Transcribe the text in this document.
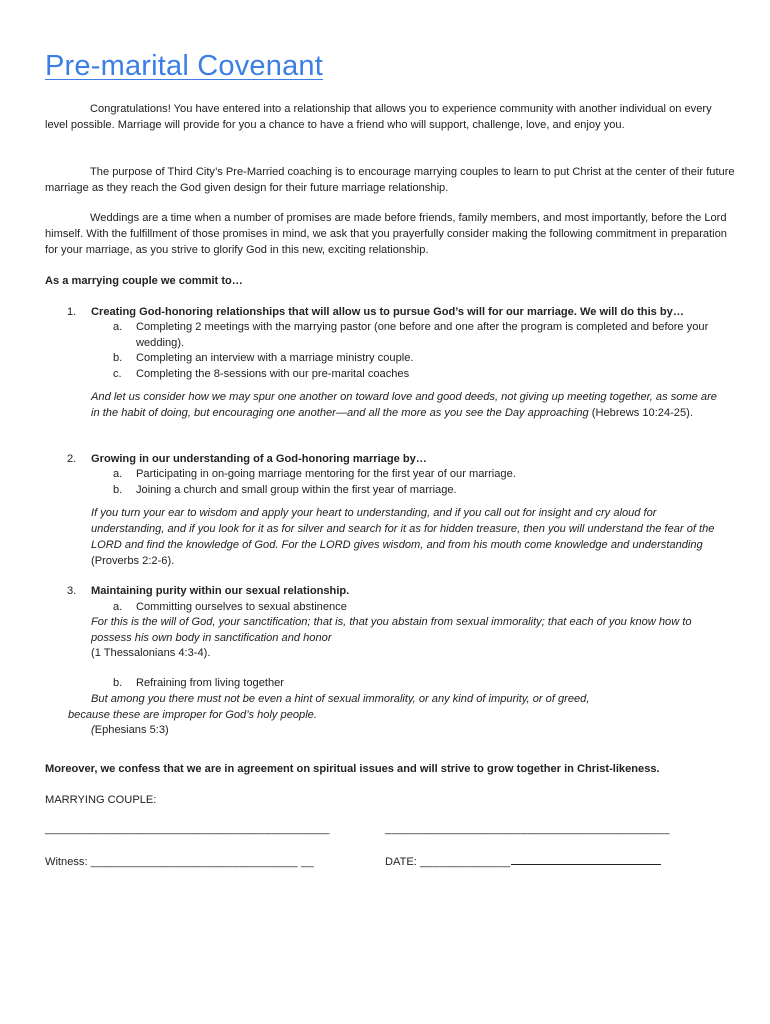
Pre-marital Covenant
Congratulations! You have entered into a relationship that allows you to experience community with another individual on every level possible. Marriage will provide for you a chance to have a friend who will support, challenge, love, and enjoy you.
The purpose of Third City’s Pre-Married coaching is to encourage marrying couples to learn to put Christ at the center of their future marriage as they reach the God given design for their future marriage relationship.
Weddings are a time when a number of promises are made before friends, family members, and most importantly, before the Lord himself. With the fulfillment of those promises in mind, we ask that you prayerfully consider making the following commitment in preparation for your marriage, as you strive to glorify God in this new, exciting relationship.
As a marrying couple we commit to…
1. Creating God-honoring relationships that will allow us to pursue God’s will for our marriage. We will do this by…
a. Completing 2 meetings with the marrying pastor (one before and one after the program is completed and before your wedding).
b. Completing an interview with a marriage ministry couple.
c. Completing the 8-sessions with our pre-marital coaches
And let us consider how we may spur one another on toward love and good deeds, not giving up meeting together, as some are in the habit of doing, but encouraging one another—and all the more as you see the Day approaching (Hebrews 10:24-25).
2. Growing in our understanding of a God-honoring marriage by…
a. Participating in on-going marriage mentoring for the first year of our marriage.
b. Joining a church and small group within the first year of marriage.
If you turn your ear to wisdom and apply your heart to understanding, and if you call out for insight and cry aloud for understanding, and if you look for it as for silver and search for it as for hidden treasure, then you will understand the fear of the LORD and find the knowledge of God. For the LORD gives wisdom, and from his mouth come knowledge and understanding (Proverbs 2:2-6).
3. Maintaining purity within our sexual relationship.
a. Committing ourselves to sexual abstinence
For this is the will of God, your sanctification; that is, that you abstain from sexual immorality; that each of you know how to possess his own body in sanctification and honor
(1 Thessalonians 4:3-4).
b. Refraining from living together
But among you there must not be even a hint of sexual immorality, or any kind of impurity, or of greed,
because these are improper for God’s holy people.
(Ephesians 5:3)
Moreover, we confess that we are in agreement on spiritual issues and will strive to grow together in Christ-likeness.
MARRYING COUPLE:
____________________________________________	____________________________________________
Witness: ________________________________ __	DATE: ______________
